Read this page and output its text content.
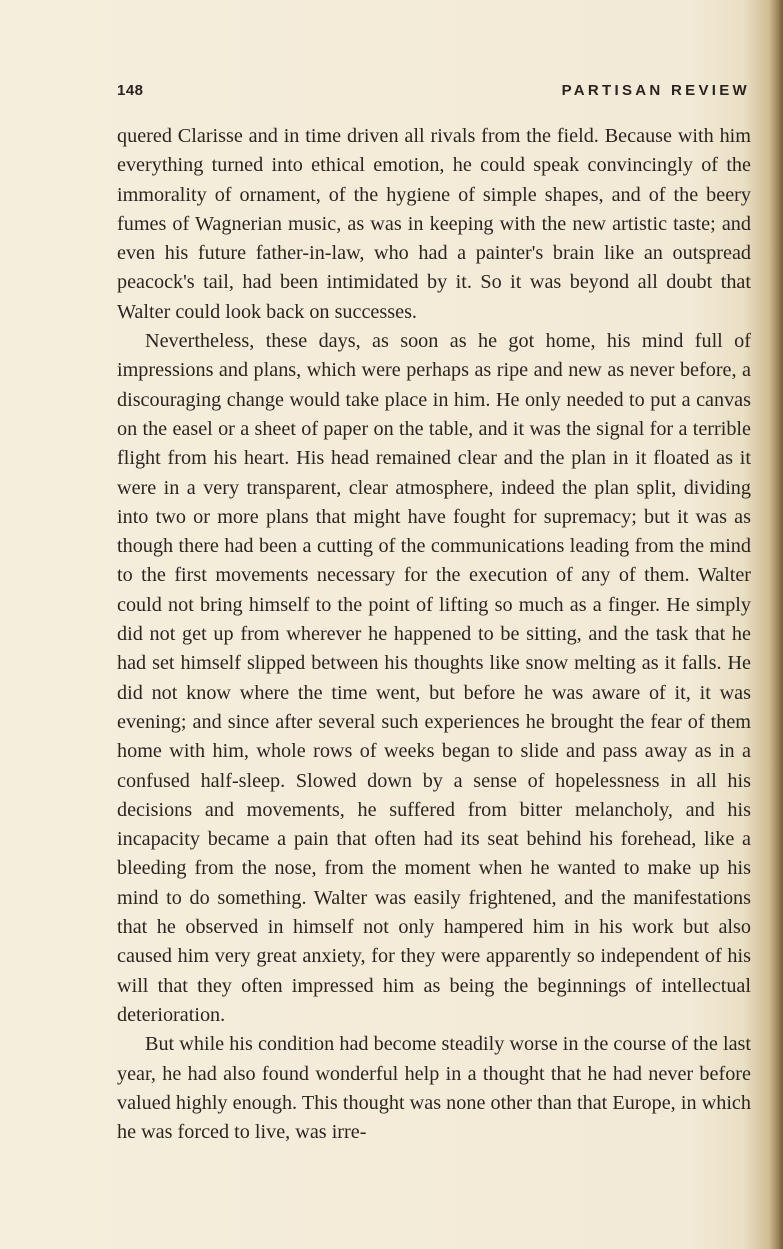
148	PARTISAN REVIEW

quered Clarisse and in time driven all rivals from the field. Because with him everything turned into ethical emotion, he could speak convincingly of the immorality of ornament, of the hygiene of simple shapes, and of the beery fumes of Wagnerian music, as was in keeping with the new artistic taste; and even his future father-in-law, who had a painter's brain like an outspread peacock's tail, had been intimidated by it. So it was beyond all doubt that Walter could look back on successes.

Nevertheless, these days, as soon as he got home, his mind full of impressions and plans, which were perhaps as ripe and new as never before, a discouraging change would take place in him. He only needed to put a canvas on the easel or a sheet of paper on the table, and it was the signal for a terrible flight from his heart. His head remained clear and the plan in it floated as it were in a very transparent, clear atmosphere, indeed the plan split, dividing into two or more plans that might have fought for supremacy; but it was as though there had been a cutting of the communications leading from the mind to the first movements necessary for the execution of any of them. Walter could not bring himself to the point of lifting so much as a finger. He simply did not get up from wherever he happened to be sitting, and the task that he had set himself slipped between his thoughts like snow melting as it falls. He did not know where the time went, but before he was aware of it, it was evening; and since after several such experiences he brought the fear of them home with him, whole rows of weeks began to slide and pass away as in a confused half-sleep. Slowed down by a sense of hopelessness in all his decisions and movements, he suffered from bitter melancholy, and his incapacity became a pain that often had its seat behind his forehead, like a bleeding from the nose, from the moment when he wanted to make up his mind to do something. Walter was easily frightened, and the manifestations that he observed in himself not only hampered him in his work but also caused him very great anxiety, for they were apparently so independent of his will that they often impressed him as being the beginnings of intellectual deterioration.

But while his condition had become steadily worse in the course of the last year, he had also found wonderful help in a thought that he had never before valued highly enough. This thought was none other than that Europe, in which he was forced to live, was irre-
